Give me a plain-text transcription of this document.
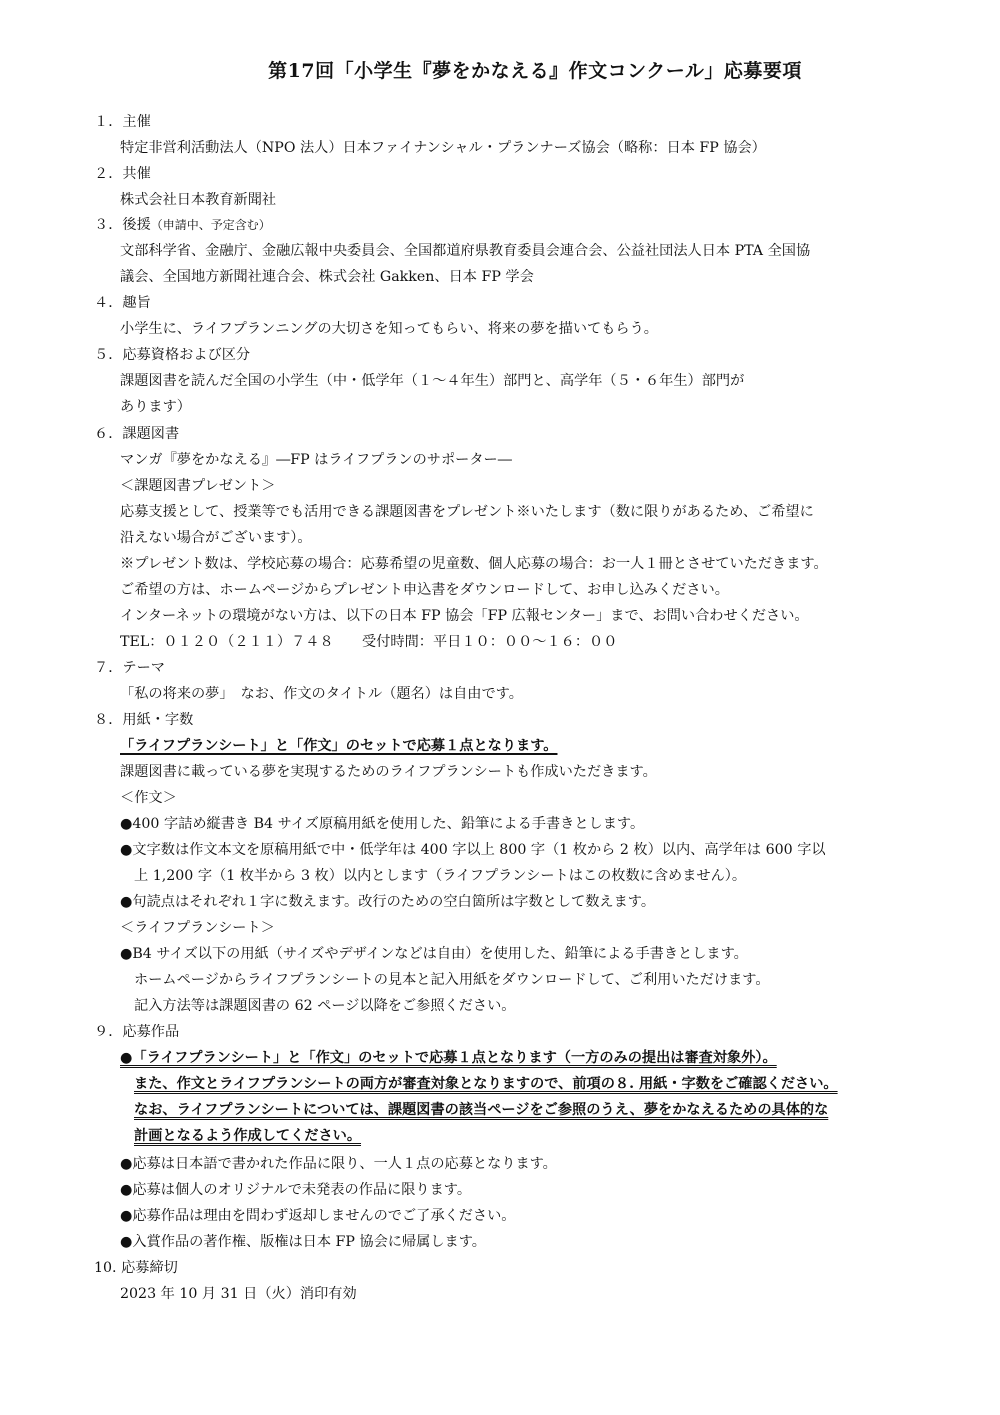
第17回「小学生『夢をかなえる』作文コンクール」応募要項
１．主催
特定非営利活動法人（NPO 法人）日本ファイナンシャル・プランナーズ協会（略称：日本 FP 協会）
２．共催
株式会社日本教育新聞社
３．後援（申請中、予定含む）
文部科学省、金融庁、金融広報中央委員会、全国都道府県教育委員会連合会、公益社団法人日本 PTA 全国協
議会、全国地方新聞社連合会、株式会社 Gakken、日本 FP 学会
４．趣旨
小学生に、ライフプランニングの大切さを知ってもらい、将来の夢を描いてもらう。
５．応募資格および区分
課題図書を読んだ全国の小学生（中・低学年（１～４年生）部門と、高学年（５・６年生）部門が
あります）
６．課題図書
マンガ『夢をかなえる』―FP はライフプランのサポーター―
＜課題図書プレゼント＞
応募支援として、授業等でも活用できる課題図書をプレゼント※いたします（数に限りがあるため、ご希望に
沿えない場合がございます）。
※プレゼント数は、学校応募の場合：応募希望の児童数、個人応募の場合：お一人１冊とさせていただきます。
ご希望の方は、ホームページからプレゼント申込書をダウンロードして、お申し込みください。
インターネットの環境がない方は、以下の日本 FP 協会「FP 広報センター」まで、お問い合わせください。
TEL：０１２０（２１１）７４８　　受付時間：平日１０：００～１６：００
７．テーマ
「私の将来の夢」　なお、作文のタイトル（題名）は自由です。
８．用紙・字数
「ライフプランシート」と「作文」のセットで応募１点となります。
課題図書に載っている夢を実現するためのライフプランシートも作成いただきます。
＜作文＞
●400 字詰め縦書き B4 サイズ原稿用紙を使用した、鉛筆による手書きとします。
●文字数は作文本文を原稿用紙で中・低学年は 400 字以上 800 字（1 枚から 2 枚）以内、高学年は 600 字以
上 1,200 字（1 枚半から 3 枚）以内とします（ライフプランシートはこの枚数に含めません）。
●句読点はそれぞれ１字に数えます。改行のための空白箇所は字数として数えます。
＜ライフプランシート＞
●B4 サイズ以下の用紙（サイズやデザインなどは自由）を使用した、鉛筆による手書きとします。
ホームページからライフプランシートの見本と記入用紙をダウンロードして、ご利用いただけます。
記入方法等は課題図書の 62 ページ以降をご参照ください。
９．応募作品
●「ライフプランシート」と「作文」のセットで応募１点となります（一方のみの提出は審査対象外）。
また、作文とライフプランシートの両方が審査対象となりますので、前項の８. 用紙・字数をご確認ください。
なお、ライフプランシートについては、課題図書の該当ページをご参照のうえ、夢をかなえるための具体的な
計画となるよう作成してください。
●応募は日本語で書かれた作品に限り、一人１点の応募となります。
●応募は個人のオリジナルで未発表の作品に限ります。
●応募作品は理由を問わず返却しませんのでご了承ください。
●入賞作品の著作権、版権は日本 FP 協会に帰属します。
10. 応募締切
2023 年 10 月 31 日（火）消印有効
